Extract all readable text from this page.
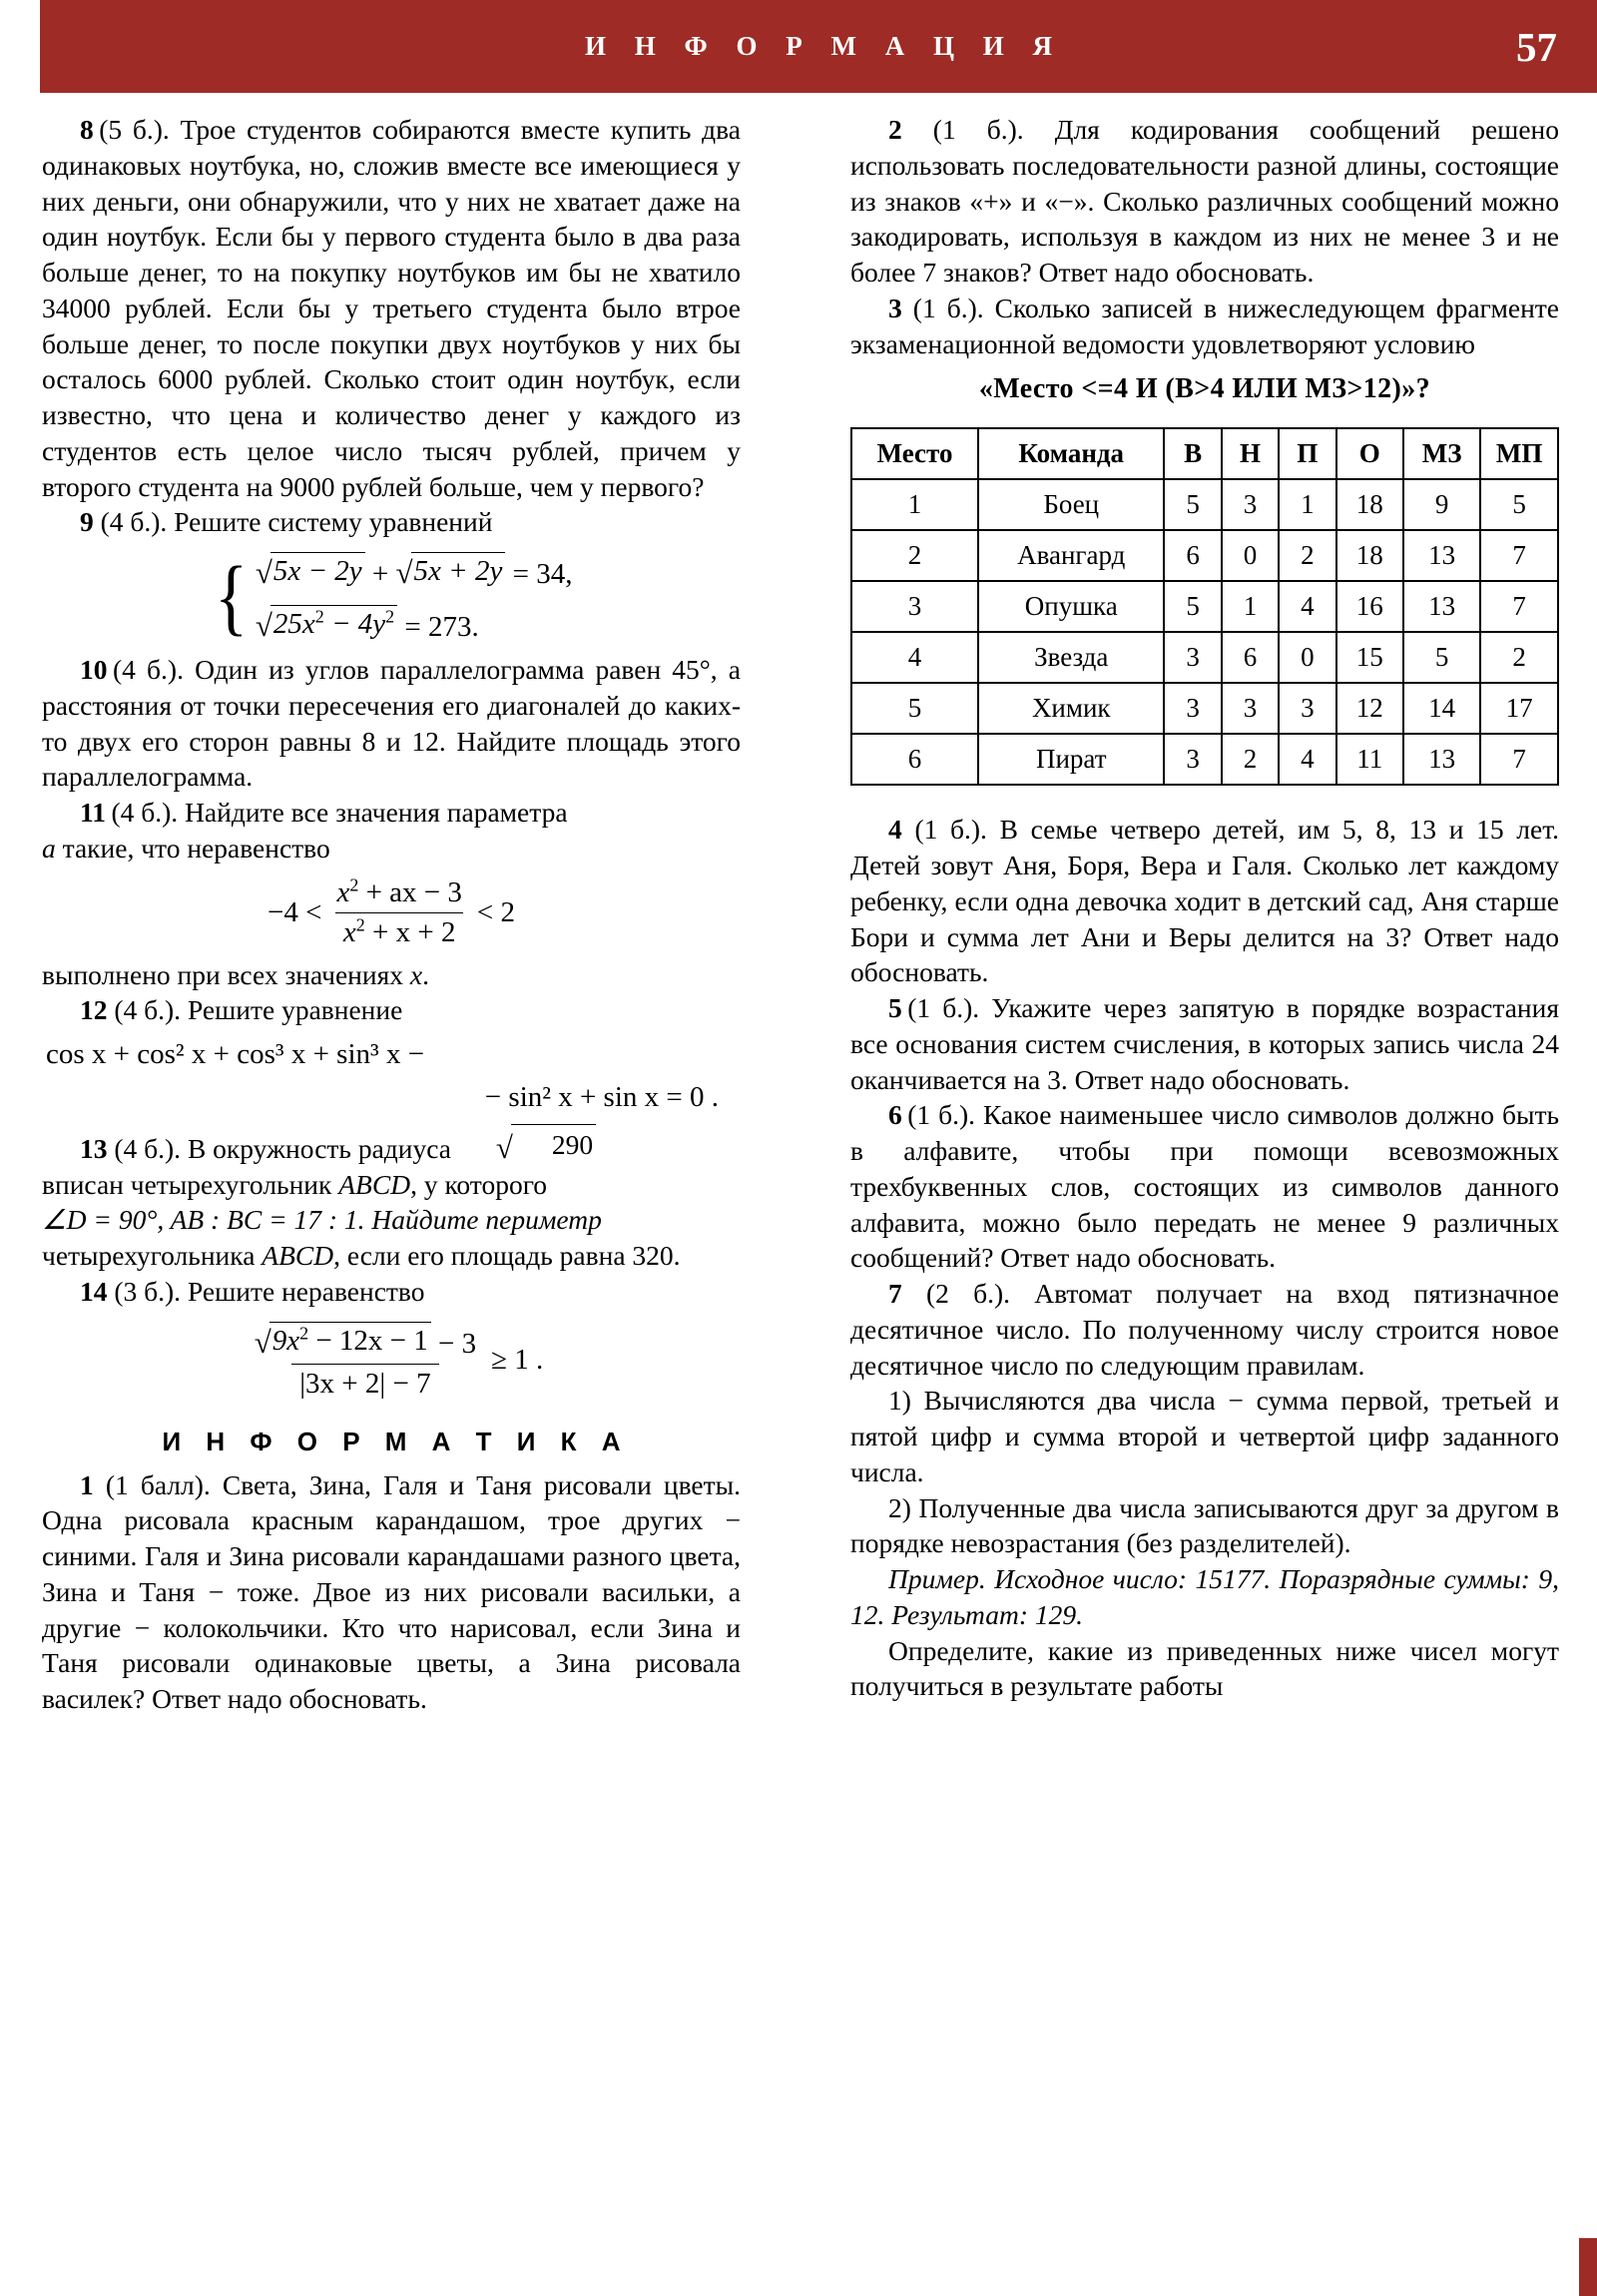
И Н Ф О Р М А Ц И Я	57

8  (5 б.). Трое студентов собираются вместе купить два одинаковых ноутбука, но, сложив вместе все имеющиеся у них деньги, они обнаружили, что у них не хватает даже на один ноутбук. Если бы у первого студента было в два раза больше денег, то на покупку ноутбуков им бы не хватило 34000 рублей. Если бы у третьего студента было втрое больше денег, то после покупки двух ноутбуков у них бы осталось 6000 рублей. Сколько стоит один ноутбук, если известно, что цена и количество денег у каждого из студентов есть целое число тысяч рублей, причем у второго студента на 9000 рублей больше, чем у первого?

9 (4 б.). Решите систему уравнений

{ √ 5x − 2y + √ 5x + 2y = 34,
√ $25x^2 - 4y^2 = 273$.

10  (4 б.). Один из углов параллелограмма равен 45°, а расстояния от точки пересечения его диагоналей до каких-то двух его сторон равны 8 и 12. Найдите площадь этого параллелограмма.

11  (4 б.). Найдите все значения параметра
a такие, что неравенство

$-4 < \frac{x^2 + ax - 3}{x^2 + x + 2} < 2$

выполнено при всех значениях x.

12 (4 б.). Решите уравнение

cos x + cos² x + cos³ x + sin³ x −
− sin² x + sin x = 0 .

13 (4 б.). В окружность радиуса	√	290

вписан четырехугольник ABCD, у которого
∠D = 90°, AB : BC = 17 : 1. Найдите периметр
четырехугольника ABCD, если его площадь равна 320.

14 (3 б.). Решите неравенство

$\frac{√ 9x^2 - 12x - 1 - 3}{|3x + 2| - 7} \ge 1$ .
И Н Ф О Р М А Т И К А

1 (1 балл). Света, Зина, Галя и Таня рисовали цветы. Одна рисовала красным карандашом, трое других − синими. Галя и Зина рисовали карандашами разного цвета, Зина и Таня − тоже. Двое из них рисовали васильки, а другие − колокольчики. Кто что нарисовал, если Зина и Таня рисовали одинаковые цветы, а Зина рисовала василек? Ответ надо обосновать.

2 (1 б.). Для кодирования сообщений решено использовать последовательности разной длины, состоящие из знаков «+» и «−». Сколько различных сообщений можно закодировать, используя в каждом из них не менее 3 и не более 7 знаков? Ответ надо обосновать.

3 (1 б.). Сколько записей в нижеследующем фрагменте экзаменационной ведомости удовлетворяют условию

«Место <=4 И (В>4 ИЛИ МЗ>12)»?
Место	Команда	В	Н	П	О	МЗ	МП
1	Боец	5	3	1	18	9	5
2	Авангард	6	0	2	18	13	7
3	Опушка	5	1	4	16	13	7
4	Звезда	3	6	0	15	5	2
5	Химик	3	3	3	12	14	17
6	Пират	3	2	4	11	13	7

4 (1 б.). В семье четверо детей, им 5, 8, 13 и 15 лет. Детей зовут Аня, Боря, Вера и Галя. Сколько лет каждому ребенку, если одна девочка ходит в детский сад, Аня старше Бори и сумма лет Ани и Веры делится на 3? Ответ надо обосновать.

5  (1 б.). Укажите через запятую в порядке возрастания все основания систем счисления, в которых запись числа 24 оканчивается на 3. Ответ надо обосновать.

6  (1 б.). Какое наименьшее число символов должно быть в алфавите, чтобы при помощи всевозможных трехбуквенных слов, состоящих из символов данного алфавита, можно было передать не менее 9 различных сообщений? Ответ надо обосновать.

7 (2 б.). Автомат получает на вход пятизначное десятичное число. По полученному числу строится новое десятичное число по следующим правилам.

1) Вычисляются два числа − сумма первой, третьей и пятой цифр и сумма второй и четвертой цифр заданного числа.

2) Полученные два числа записываются друг за другом в порядке невозрастания (без разделителей).

Пример. Исходное число: 15177. Поразрядные суммы: 9, 12. Результат: 129.

Определите, какие из приведенных ниже чисел могут получиться в результате работы
